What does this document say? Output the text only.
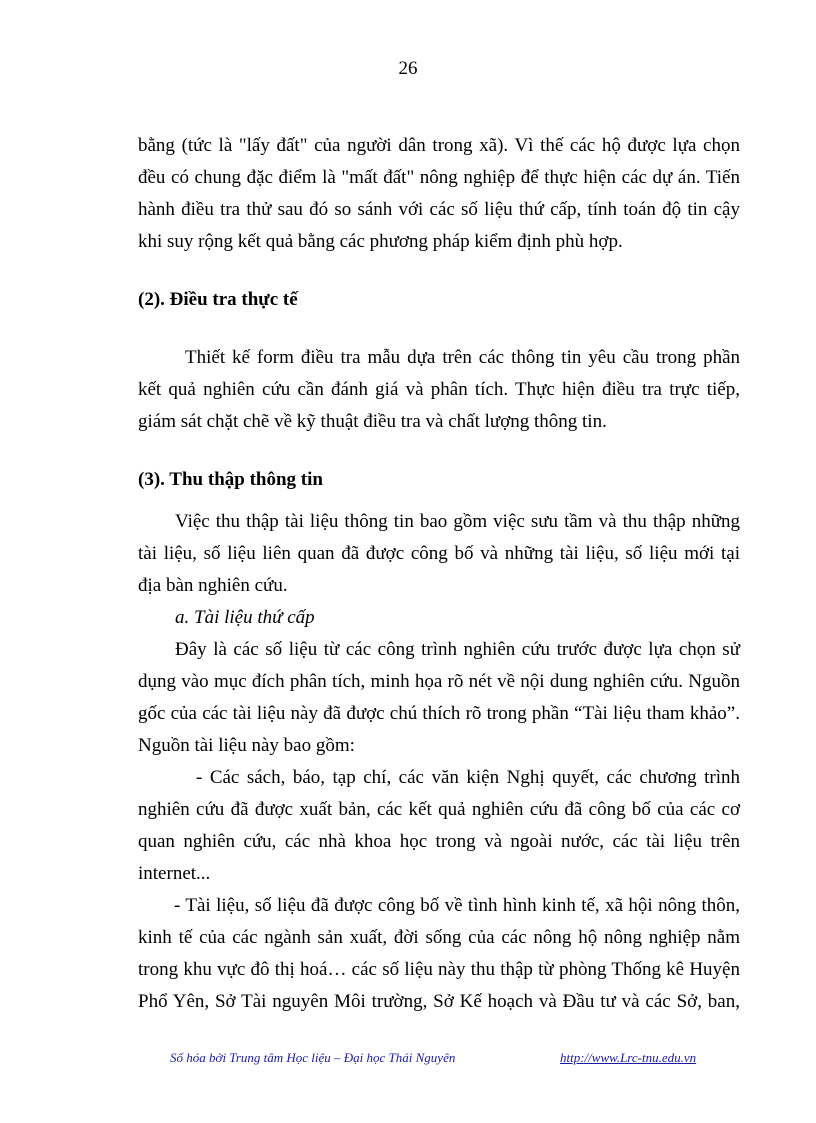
26
bằng (tức là "lấy đất" của người dân trong xã). Vì thế các hộ được lựa chọn
đều có chung đặc điểm là "mất đất" nông nghiệp để thực hiện các dự án. Tiến
hành điều tra thử sau đó so sánh với các số liệu thứ cấp, tính toán độ tin cậy
khi suy rộng kết quả bằng các phương pháp kiểm định phù hợp.
(2). Điều tra thực tế
Thiết kế form điều tra mẫu dựa trên các thông tin yêu cầu trong phần
kết quả nghiên cứu cần đánh giá và phân tích. Thực hiện điều tra trực tiếp,
giám sát chặt chẽ về kỹ thuật điều tra và chất lượng thông tin.
(3). Thu thập thông tin
Việc thu thập tài liệu thông tin bao gồm việc sưu tầm và thu thập những
tài liệu, số liệu liên quan đã được công bố và những tài liệu, số liệu mới tại
địa bàn nghiên cứu.
a. Tài liệu thứ cấp
Đây là các số liệu từ các công trình nghiên cứu trước được lựa chọn sử
dụng vào mục đích phân tích, minh họa rõ nét về nội dung nghiên cứu. Nguồn
gốc của các tài liệu này đã được chú thích rõ trong phần “Tài liệu tham khảo”.
Nguồn tài liệu này bao gồm:
- Các sách, báo, tạp chí, các văn kiện Nghị quyết, các chương trình
nghiên cứu đã được xuất bản, các kết quả nghiên cứu đã công bố của các cơ
quan nghiên cứu, các nhà khoa học trong và ngoài nước, các tài liệu trên
internet...
- Tài liệu, số liệu đã được công bố về tình hình kinh tế, xã hội nông thôn,
kinh tế của các ngành sản xuất, đời sống của các nông hộ nông nghiệp nằm
trong khu vực đô thị hoá… các số liệu này thu thập từ phòng Thống kê Huyện
Phổ Yên, Sở Tài nguyên Môi trường, Sở Kế hoạch và Đầu tư và các Sở, ban,
Số hóa bởi Trung tâm Học liệu – Đại học Thái Nguyên	http://www.Lrc-tnu.edu.vn
